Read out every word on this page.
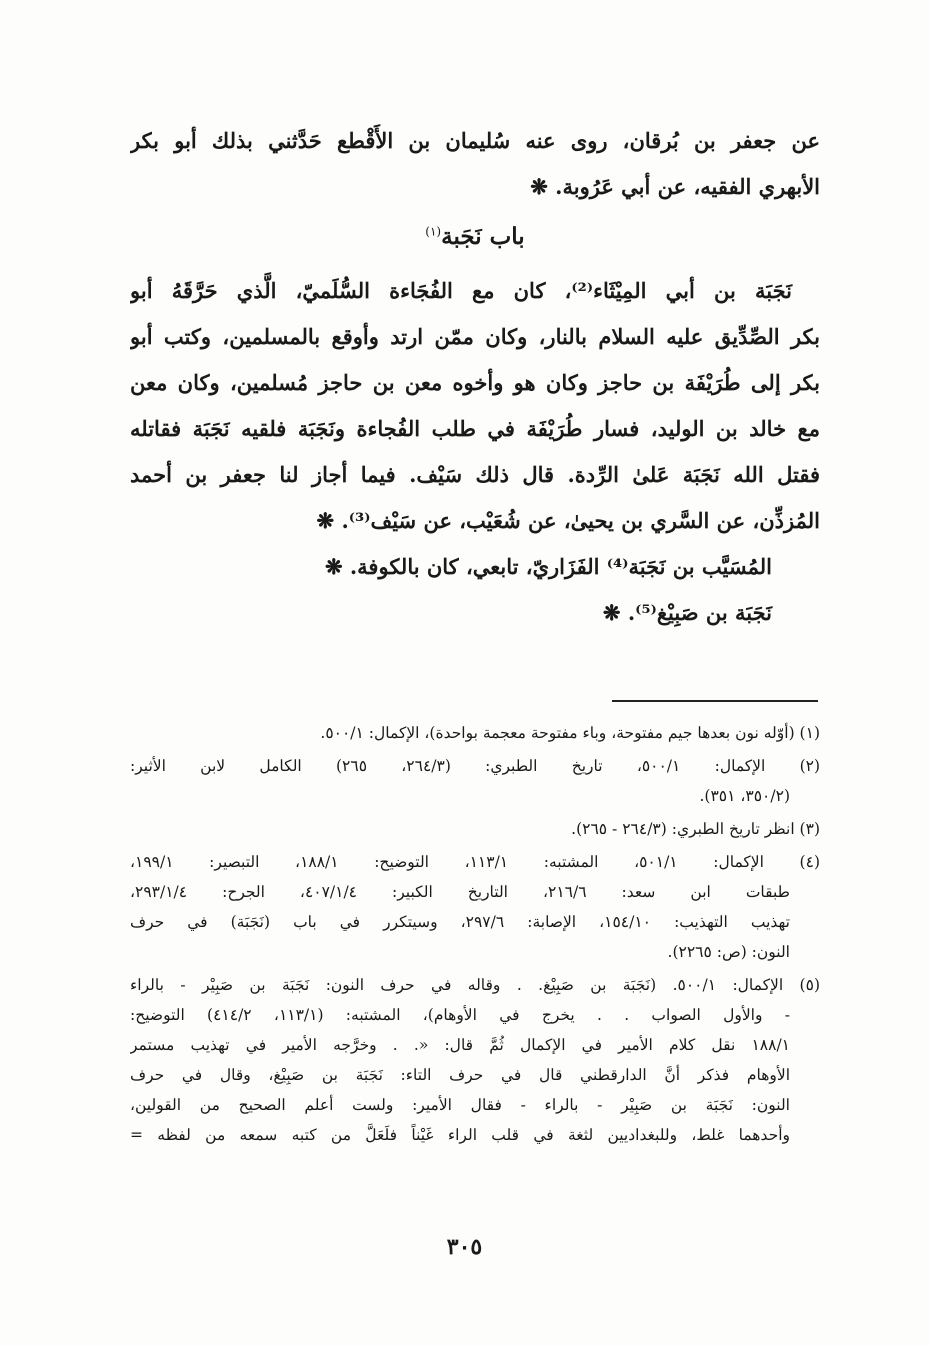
عن جعفر بن بُرقان، روى عنه سُليمان بن الأَقْطع حَدَّثني بذلك أبو بكر
الأبهري الفقيه، عن أبي عَرُوبة. ❋
باب نَجَبة$^{(١)}$
نَجَبَة بن أبي المِيْثَاء⁽²⁾، كان مع الفُجَاءة السُّلَميّ، الَّذي حَرَّقَهُ أبو
بكر الصِّدِّيق عليه السلام بالنار، وكان ممّن ارتد وأوقع بالمسلمين، وكتب أبو
بكر إلى طُرَيْفَة بن حاجز وكان هو وأخوه معن بن حاجز مُسلمين، وكان معن
مع خالد بن الوليد، فسار طُرَيْفَة في طلب الفُجاءة ونَجَبَة فلقيه نَجَبَة فقاتله
فقتل الله نَجَبَة عَلىٰ الرِّدة. قال ذلك سَيْف. فيما أجاز لنا جعفر بن أحمد
المُزذِّن، عن السَّري بن يحيىٰ، عن شُعَيْب، عن سَيْف⁽³⁾. ❋
المُسَيَّب بن نَجَبَة⁽⁴⁾ الفَزَاريّ، تابعي، كان بالكوفة. ❋
نَجَبَة بن صَبِيْغ⁽⁵⁾. ❋
(١) (أوّله نون بعدها جيم مفتوحة، وباء مفتوحة معجمة بواحدة)، الإكمال: ٥٠٠/١.
(٢) الإكمال: ٥٠٠/١، تاريخ الطبري: (٢٦٤/٣، ٢٦٥) الكامل لابن الأثير:
(٣٥٠/٢، ٣٥١).
(٣) انظر تاريخ الطبري: (٢٦٤/٣ - ٢٦٥).
(٤) الإكمال: ٥٠١/١، المشتبه: ١١٣/١، التوضيح: ١٨٨/١، التبصير: ١٩٩/١،
طبقات ابن سعد: ٢١٦/٦، التاريخ الكبير: ٤٠٧/١/٤، الجرح: ٢٩٣/١/٤،
تهذيب التهذيب: ١٥٤/١٠، الإصابة: ٢٩٧/٦، وسيتكرر في باب (نَجَبَة) في حرف
النون: (ص: ٢٢٦٥).
(٥) الإكمال: ٥٠٠/١. (نَجَبَة بن صَبِيْغ. . وقاله في حرف النون: نَجَبَة بن صَبِيْر - بالراء
- والأول الصواب . . يخرج في الأوهام)، المشتبه: (١١٣/١، ٤١٤/٢) التوضيح:
١٨٨/١ نقل كلام الأمير في الإكمال ثُمَّ قال: «. . وخرَّجه الأمير في تهذيب مستمر
الأوهام فذكر أنَّ الدارقطني قال في حرف التاء: نَجَبَة بن صَبِيْغ، وقال في حرف
النون: نَجَبَة بن صَبِيْر - بالراء - فقال الأمير: ولست أعلم الصحيح من القولين،
وأحدهما غلط، وللبغداديين لثغة في قلب الراء غَيْناً فلَعَلَّ من كتبه سمعه من لفظه =
٣٠٥
